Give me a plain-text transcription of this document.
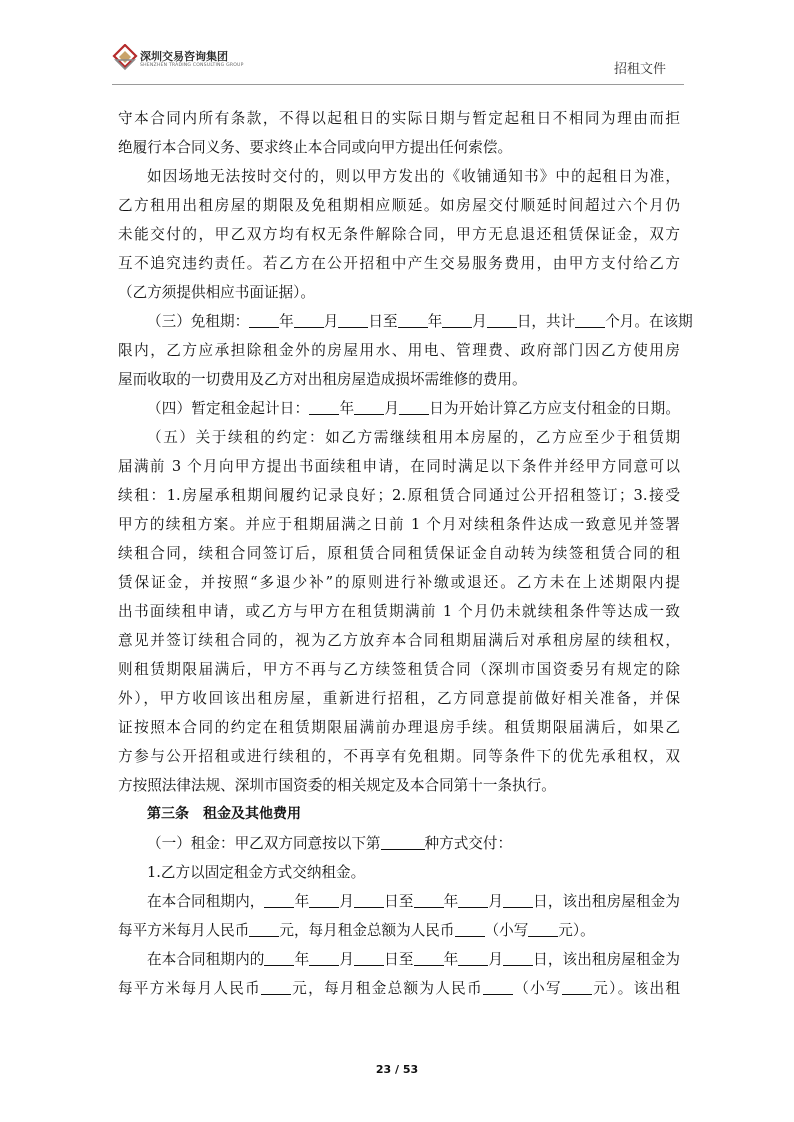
深圳交易咨询集团
SHENZHEN TRADING CONSULTING GROUP	招租文件
守本合同内所有条款，不得以起租日的实际日期与暂定起租日不相同为理由而拒
绝履行本合同义务、要求终止本合同或向甲方提出任何索偿。
如因场地无法按时交付的，则以甲方发出的《收铺通知书》中的起租日为准，
乙方租用出租房屋的期限及免租期相应顺延。如房屋交付顺延时间超过六个月仍
未能交付的，甲乙双方均有权无条件解除合同，甲方无息退还租赁保证金，双方
互不追究违约责任。若乙方在公开招租中产生交易服务费用，由甲方支付给乙方
（乙方须提供相应书面证据）。
（三）免租期： 年 月 日至 年 月 日，共计 个月。在该期
限内，乙方应承担除租金外的房屋用水、用电、管理费、政府部门因乙方使用房
屋而收取的一切费用及乙方对出租房屋造成损坏需维修的费用。
（四）暂定租金起计日： 年 月 日为开始计算乙方应支付租金的日期。
（五）关于续租的约定：如乙方需继续租用本房屋的，乙方应至少于租赁期
届满前 3 个月向甲方提出书面续租申请，在同时满足以下条件并经甲方同意可以
续租：1.房屋承租期间履约记录良好；2.原租赁合同通过公开招租签订；3.接受
甲方的续租方案。并应于租期届满之日前 1 个月对续租条件达成一致意见并签署
续租合同，续租合同签订后，原租赁合同租赁保证金自动转为续签租赁合同的租
赁保证金，并按照“多退少补”的原则进行补缴或退还。乙方未在上述期限内提
出书面续租申请，或乙方与甲方在租赁期满前 1 个月仍未就续租条件等达成一致
意见并签订续租合同的，视为乙方放弃本合同租期届满后对承租房屋的续租权，
则租赁期限届满后，甲方不再与乙方续签租赁合同（深圳市国资委另有规定的除
外），甲方收回该出租房屋，重新进行招租，乙方同意提前做好相关准备，并保
证按照本合同的约定在租赁期限届满前办理退房手续。租赁期限届满后，如果乙
方参与公开招租或进行续租的，不再享有免租期。同等条件下的优先承租权，双
方按照法律法规、深圳市国资委的相关规定及本合同第十一条执行。
第三条　租金及其他费用
（一）租金：甲乙双方同意按以下第	种方式交付：
1.乙方以固定租金方式交纳租金。
在本合同租期内， 年 月 日至 年 月 日，该出租房屋租金为
每平方米每月人民币 元，每月租金总额为人民币 （小写 元）。
在本合同租期内的 年 月 日至 年 月 日，该出租房屋租金为
每平方米每月人民币 元，每月租金总额为人民币 （小写 元）。该出租
23 / 53
